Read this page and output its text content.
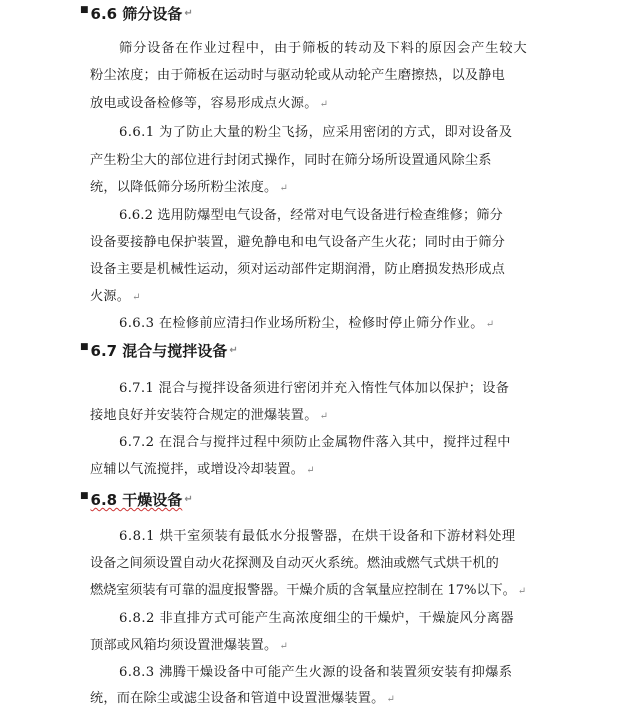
■ 6.6 筛分设备 ↵
筛分设备在作业过程中，由于筛板的转动及下料的原因会产生较大
粉尘浓度；由于筛板在运动时与驱动轮或从动轮产生磨擦热，以及静电
放电或设备检修等，容易形成点火源。 ↵
6.6.1 为了防止大量的粉尘飞扬，应采用密闭的方式，即对设备及
产生粉尘大的部位进行封闭式操作，同时在筛分场所设置通风除尘系
统，以降低筛分场所粉尘浓度。 ↵
6.6.2 选用防爆型电气设备，经常对电气设备进行检查维修；筛分
设备要接静电保护装置，避免静电和电气设备产生火花；同时由于筛分
设备主要是机械性运动，须对运动部件定期润滑，防止磨损发热形成点
火源。 ↵
6.6.3 在检修前应清扫作业场所粉尘，检修时停止筛分作业。 ↵
■ 6.7 混合与搅拌设备 ↵
6.7.1 混合与搅拌设备须进行密闭并充入惰性气体加以保护；设备
接地良好并安装符合规定的泄爆装置。 ↵
6.7.2 在混合与搅拌过程中须防止金属物件落入其中，搅拌过程中
应辅以气流搅拌，或增设冷却装置。 ↵
■ 6.8 干燥设备 ↵
6.8.1 烘干室须装有最低水分报警器，在烘干设备和下游材料处理
设备之间须设置自动火花探测及自动灭火系统。燃油或燃气式烘干机的
燃烧室须装有可靠的温度报警器。干燥介质的含氧量应控制在 17%以下。 ↵
6.8.2 非直排方式可能产生高浓度细尘的干燥炉，干燥旋风分离器
顶部或风箱均须设置泄爆装置。 ↵
6.8.3 沸腾干燥设备中可能产生火源的设备和装置须安装有抑爆系
统，而在除尘或滤尘设备和管道中设置泄爆装置。 ↵
